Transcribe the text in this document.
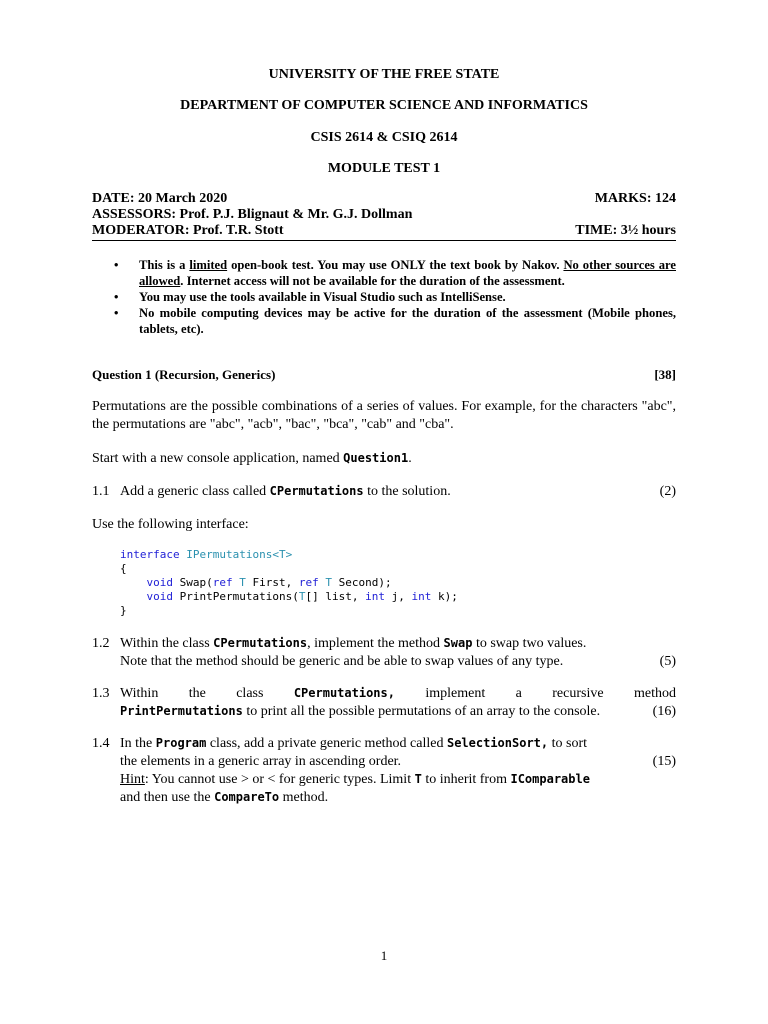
UNIVERSITY OF THE FREE STATE
DEPARTMENT OF COMPUTER SCIENCE AND INFORMATICS
CSIS 2614 & CSIQ 2614
MODULE TEST 1
DATE: 20 March 2020	MARKS: 124
ASSESSORS: Prof. P.J. Blignaut & Mr. G.J. Dollman
MODERATOR: Prof. T.R. Stott	TIME: 3½ hours
• This is a limited open-book test. You may use ONLY the text book by Nakov. No other sources are allowed. Internet access will not be available for the duration of the assessment.
• You may use the tools available in Visual Studio such as IntelliSense.
• No mobile computing devices may be active for the duration of the assessment (Mobile phones, tablets, etc).
Question 1 (Recursion, Generics)	[38]
Permutations are the possible combinations of a series of values. For example, for the characters "abc", the permutations are "abc", "acb", "bac", "bca", "cab" and "cba".
Start with a new console application, named Question1.
1.1 Add a generic class called CPermutations to the solution.	(2)
Use the following interface:
interface IPermutations<T>
{
void Swap(ref T First, ref T Second);
void PrintPermutations(T[] list, int j, int k);
}
1.2 Within the class CPermutations, implement the method Swap to swap two values.
Note that the method should be generic and be able to swap values of any type.	(5)
1.3 Within the class	CPermutations, implement a recursive method
PrintPermutations to print all the possible permutations of an array to the console.	(16)
1.4 In the Program class, add a private generic method called SelectionSort, to sort
the elements in a generic array in ascending order.	(15)
Hint: You cannot use > or < for generic types. Limit T to inherit from IComparable
and then use the CompareTo method.
1
